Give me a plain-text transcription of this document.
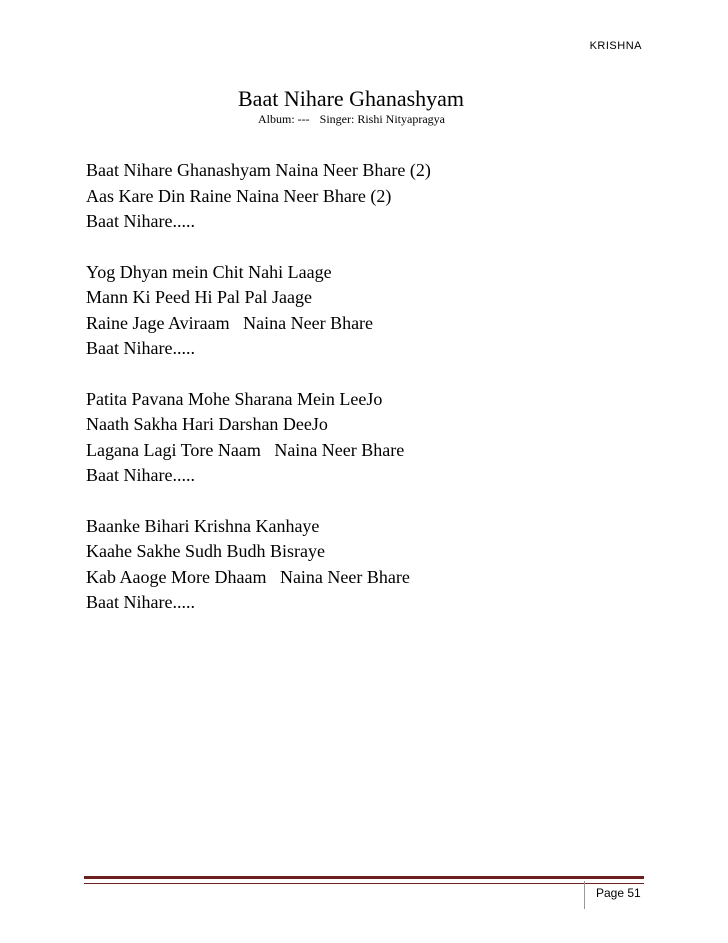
KRISHNA
Baat Nihare Ghanashyam
Album: --- Singer: Rishi Nityapragya
Baat Nihare Ghanashyam Naina Neer Bhare (2)
Aas Kare Din Raine Naina Neer Bhare (2)
Baat Nihare.....
Yog Dhyan mein Chit Nahi Laage
Mann Ki Peed Hi Pal Pal Jaage
Raine Jage Aviraam   Naina Neer Bhare
Baat Nihare.....
Patita Pavana Mohe Sharana Mein LeeJo
Naath Sakha Hari Darshan DeeJo
Lagana Lagi Tore Naam   Naina Neer Bhare
Baat Nihare.....
Baanke Bihari Krishna Kanhaye
Kaahe Sakhe Sudh Budh Bisraye
Kab Aaoge More Dhaam   Naina Neer Bhare
Baat Nihare.....
Page 51
